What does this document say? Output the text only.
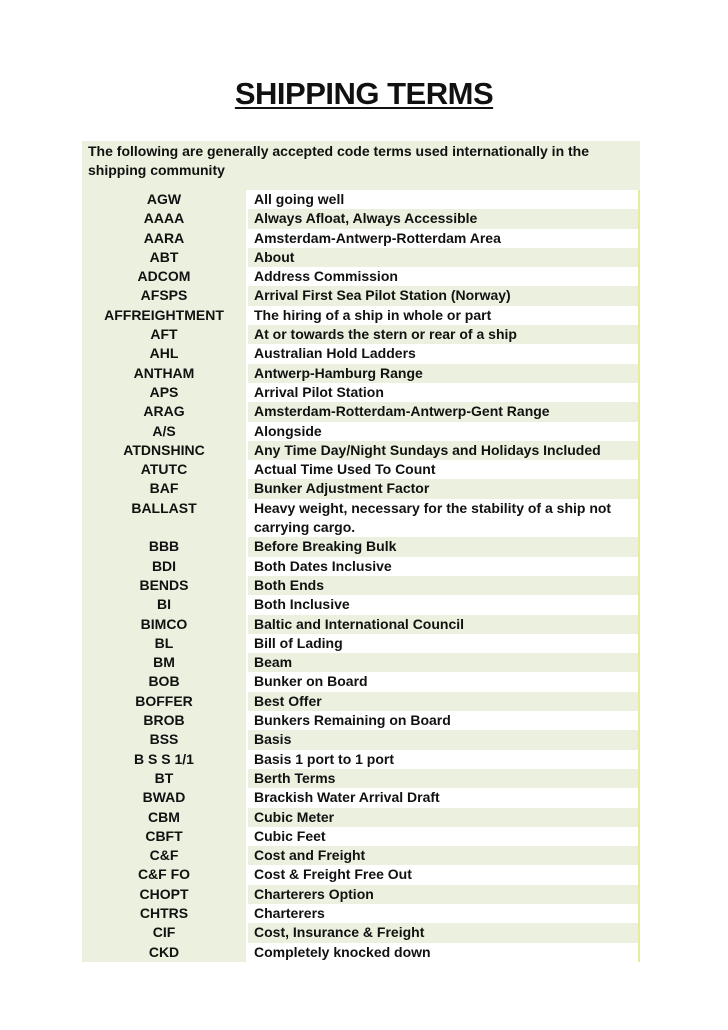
SHIPPING TERMS
The following are generally accepted code terms used internationally in the shipping community
AGW	All going well
AAAA	Always Afloat, Always Accessible
AARA	Amsterdam-Antwerp-Rotterdam Area
ABT	About
ADCOM	Address Commission
AFSPS	Arrival First Sea Pilot Station (Norway)
AFFREIGHTMENT	The hiring of a ship in whole or part
AFT	At or towards the stern or rear of a ship
AHL	Australian Hold Ladders
ANTHAM	Antwerp-Hamburg Range
APS	Arrival Pilot Station
ARAG	Amsterdam-Rotterdam-Antwerp-Gent Range
A/S	Alongside
ATDNSHINC	Any Time Day/Night Sundays and Holidays Included
ATUTC	Actual Time Used To Count
BAF	Bunker Adjustment Factor
BALLAST	Heavy weight, necessary for the stability of a ship not carrying cargo.
BBB	Before Breaking Bulk
BDI	Both Dates Inclusive
BENDS	Both Ends
BI	Both Inclusive
BIMCO	Baltic and International Council
BL	Bill of Lading
BM	Beam
BOB	Bunker on Board
BOFFER	Best Offer
BROB	Bunkers Remaining on Board
BSS	Basis
B S S 1/1	Basis 1 port to 1 port
BT	Berth Terms
BWAD	Brackish Water Arrival Draft
CBM	Cubic Meter
CBFT	Cubic Feet
C&F	Cost and Freight
C&F FO	Cost & Freight Free Out
CHOPT	Charterers Option
CHTRS	Charterers
CIF	Cost, Insurance & Freight
CKD	Completely knocked down
